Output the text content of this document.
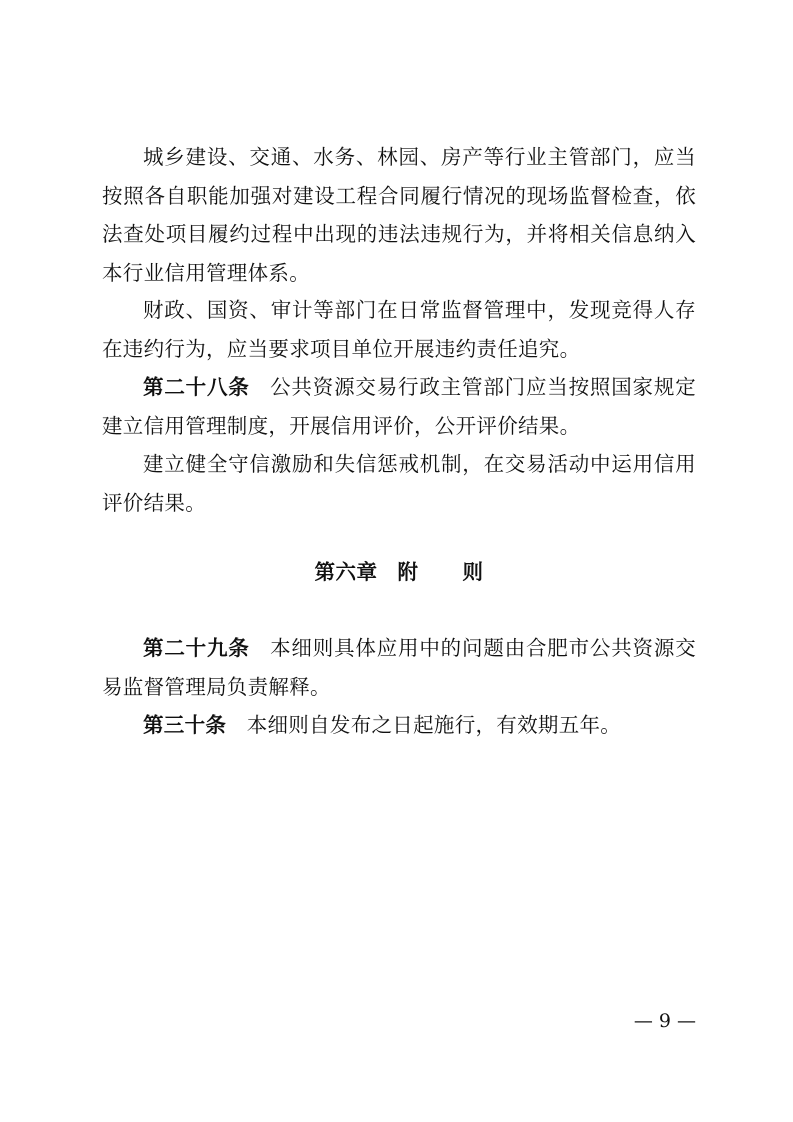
城乡建设、交通、水务、林园、房产等行业主管部门，应当按照各自职能加强对建设工程合同履行情况的现场监督检查，依法查处项目履约过程中出现的违法违规行为，并将相关信息纳入本行业信用管理体系。

财政、国资、审计等部门在日常监督管理中，发现竞得人存在违约行为，应当要求项目单位开展违约责任追究。

第二十八条 公共资源交易行政主管部门应当按照国家规定建立信用管理制度，开展信用评价，公开评价结果。

建立健全守信激励和失信惩戒机制，在交易活动中运用信用评价结果。

第六章 附 则

第二十九条 本细则具体应用中的问题由合肥市公共资源交易监督管理局负责解释。

第三十条 本细则自发布之日起施行，有效期五年。

— 9 —
